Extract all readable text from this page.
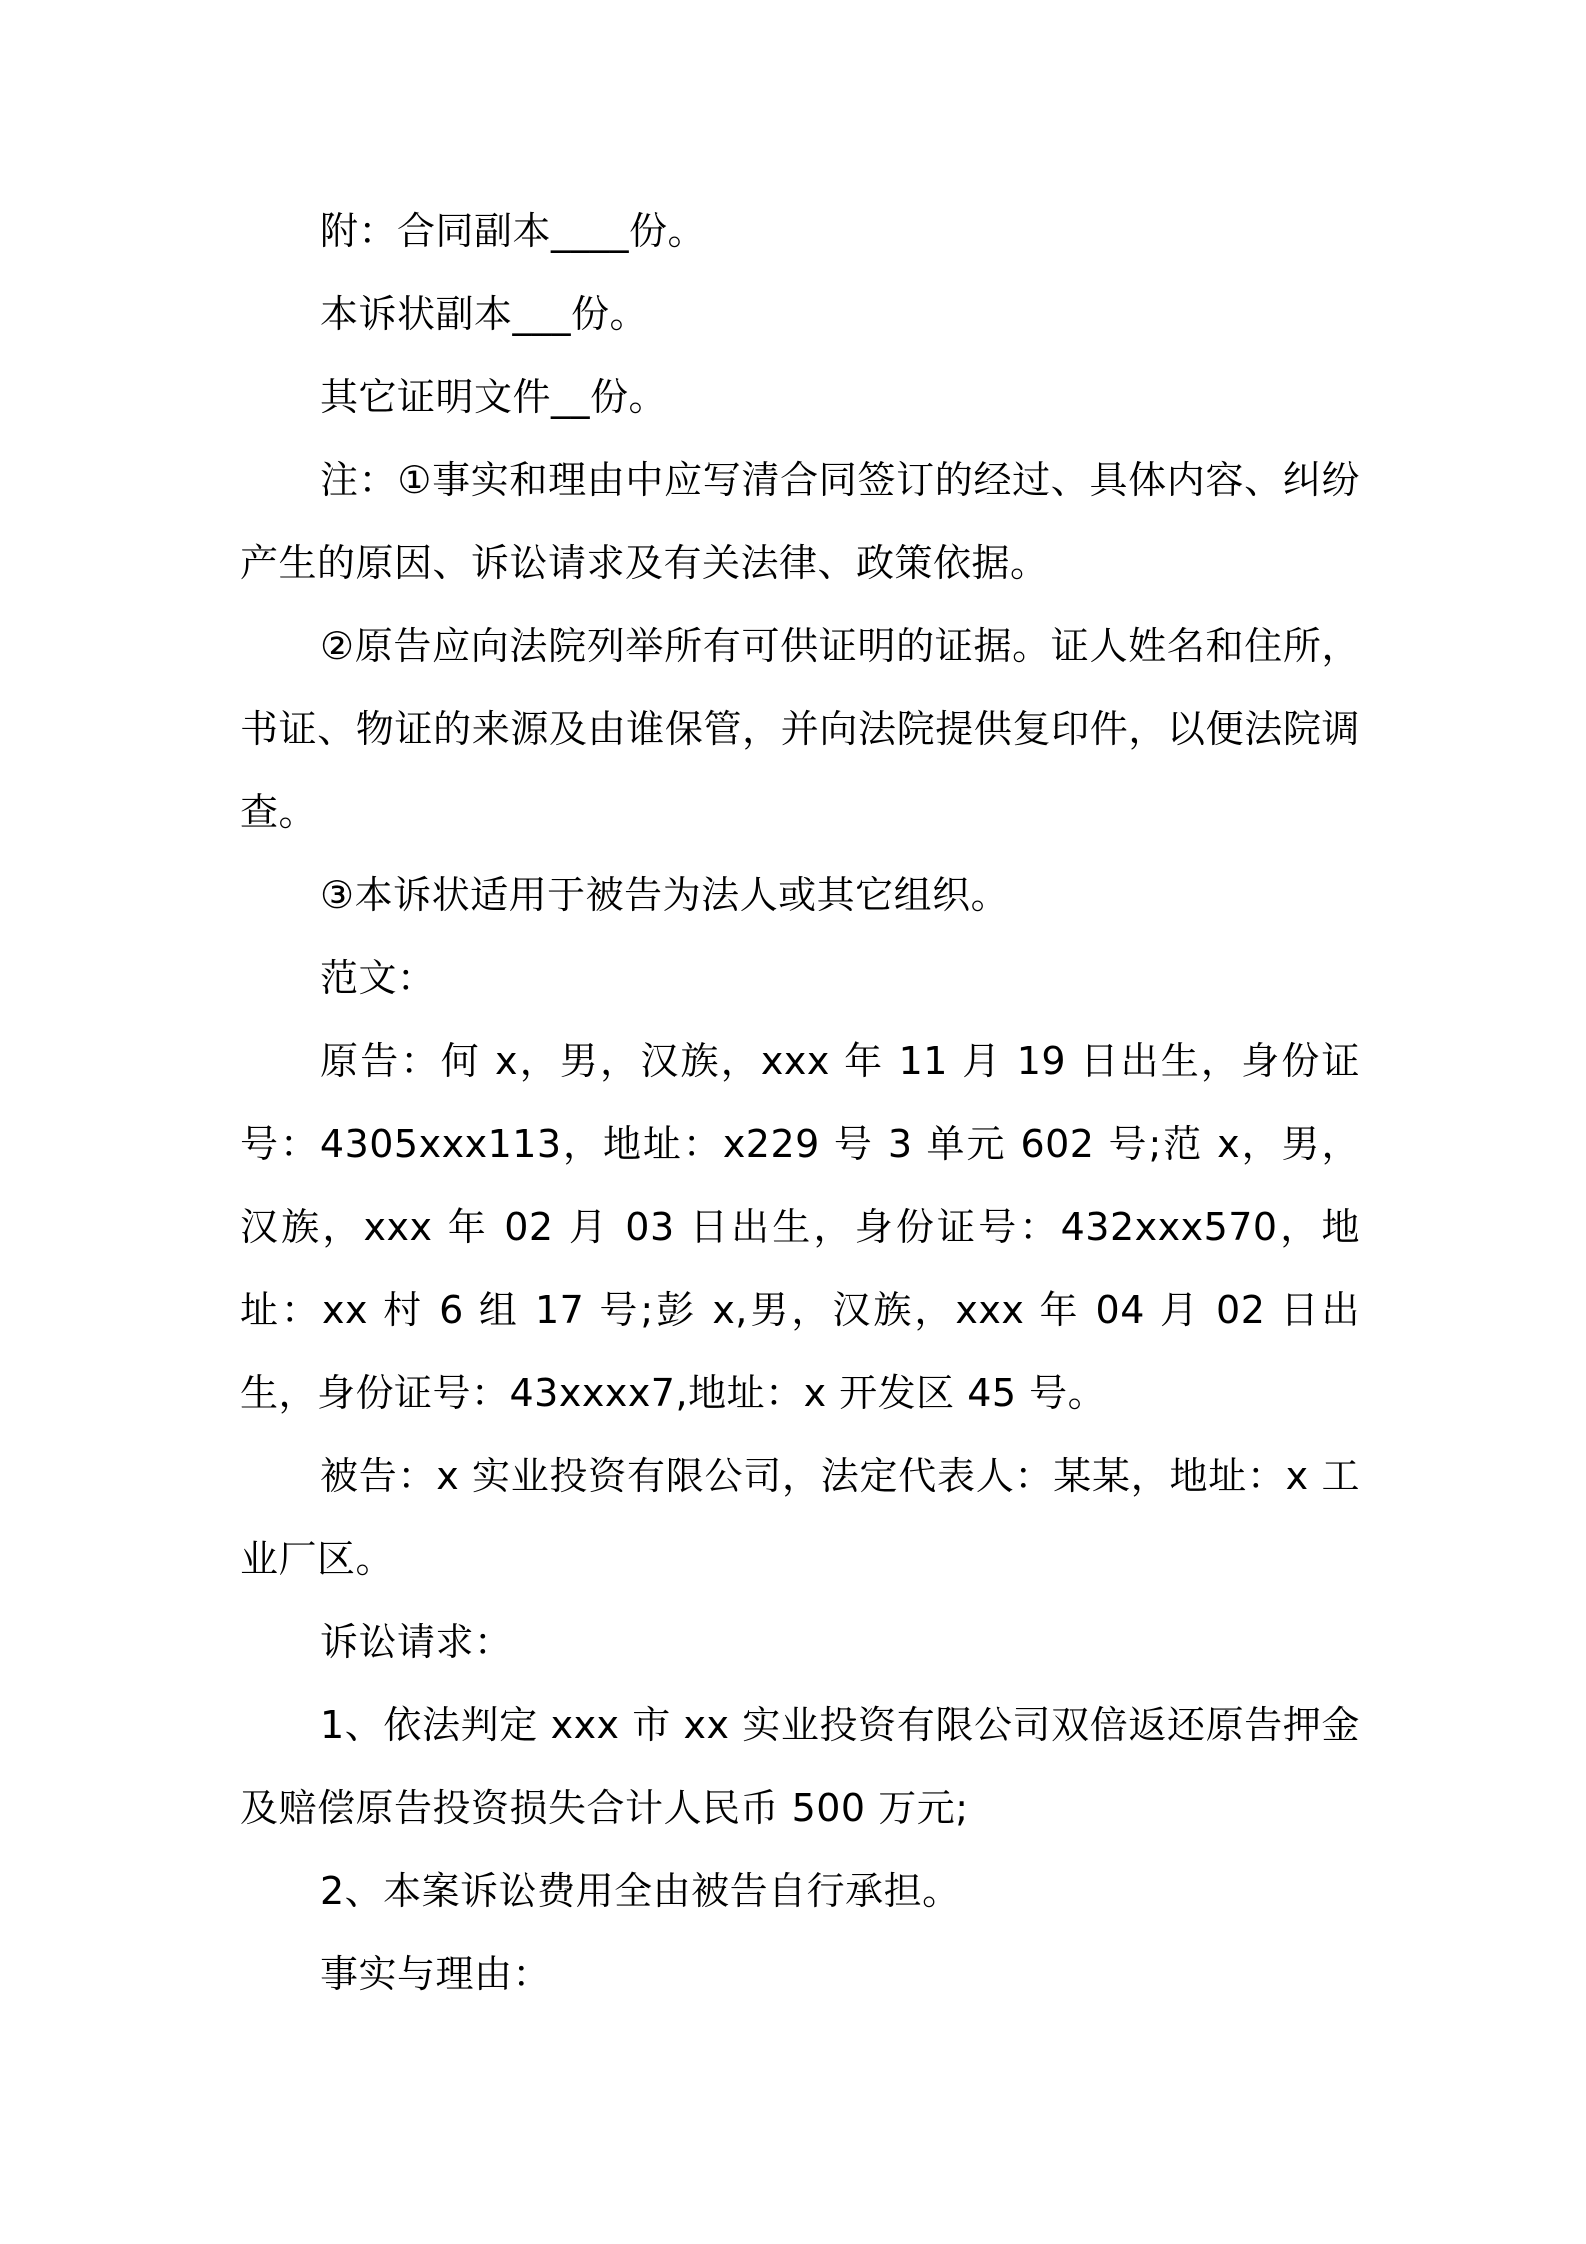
附：合同副本____份。

本诉状副本___份。

其它证明文件__份。

注：①事实和理由中应写清合同签订的经过、具体内容、纠纷产生的原因、诉讼请求及有关法律、政策依据。

②原告应向法院列举所有可供证明的证据。证人姓名和住所，书证、物证的来源及由谁保管，并向法院提供复印件，以便法院调查。

③本诉状适用于被告为法人或其它组织。

范文：

原告：何 x，男，汉族，xxx 年 11 月 19 日出生，身份证号：4305xxx113，地址：x229 号 3 单元 602 号;范 x，男，汉族，xxx 年 02 月 03 日出生，身份证号：432xxx570，地址：xx 村 6 组 17 号;彭 x,男，汉族，xxx 年 04 月 02 日出生，身份证号：43xxxx7,地址：x 开发区 45 号。

被告：x 实业投资有限公司，法定代表人：某某，地址：x 工业厂区。

诉讼请求：

1、依法判定 xxx 市 xx 实业投资有限公司双倍返还原告押金及赔偿原告投资损失合计人民币 500 万元;

2、本案诉讼费用全由被告自行承担。

事实与理由：
